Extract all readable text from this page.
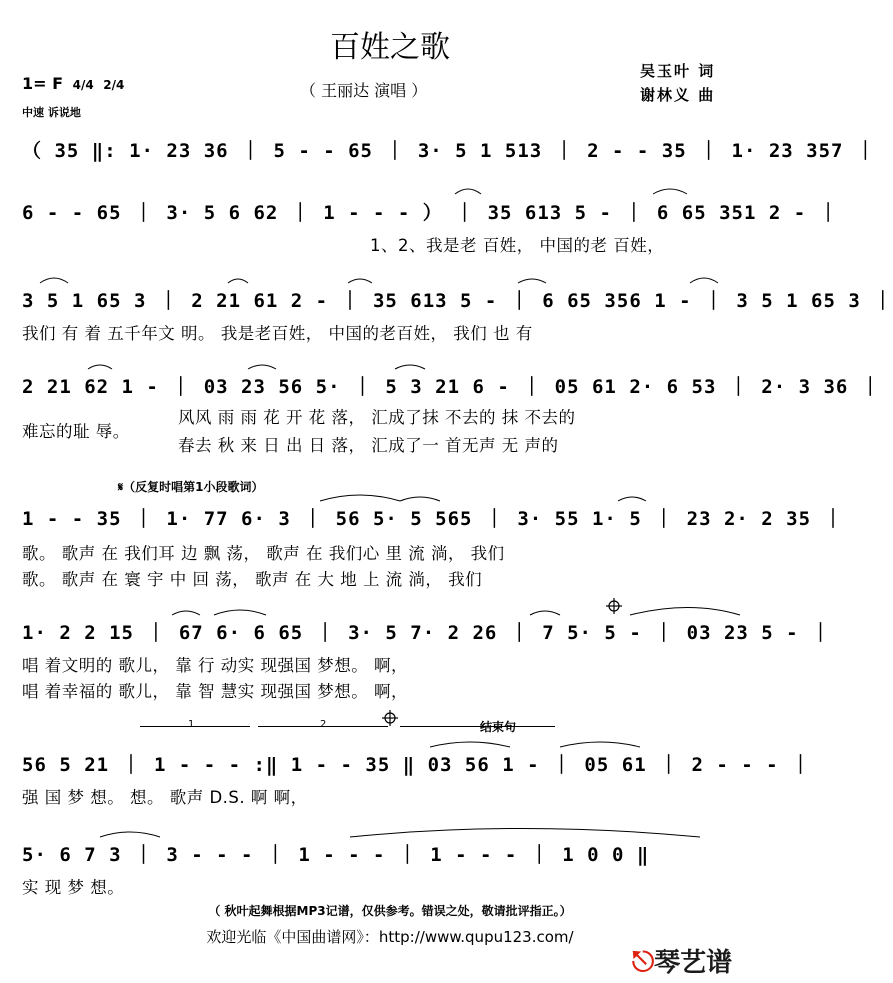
百姓之歌
（ 王丽达 演唱 ）
吴玉叶 词
谢林义 曲
1= F 4/4 2/4
中速 诉说地
（ 35 ‖: 1· 23 36 ｜ 5 - - 65 ｜ 3· 5 1 513 ｜ 2 - - 35 ｜ 1· 23 357 ｜
6 - - 65 ｜ 3· 5 6 62 ｜ 1 - - - ） ｜ 35 613 5 - ｜ 6 65 351 2 - ｜
1、2、我是老 百姓， 中国的老 百姓，
3 5 1 65 3 ｜ 2 21 61 2 - ｜ 35 613 5 - ｜ 6 65 356 1 - ｜ 3 5 1 65 3 ｜
我们 有 着 五千年文 明。 我是老百姓， 中国的老百姓， 我们 也 有
2 21 62 1 - ｜ 03 23 56 5· ｜ 5 3 21 6 - ｜ 05 61 2· 6 53 ｜ 2· 3 36 ｜
难忘的耻 辱。
风风 雨 雨 花 开 花 落， 汇成了抹 不去的 抹 不去的
春去 秋 来 日 出 日 落， 汇成了一 首无声 无 声的
𝄋（反复时唱第1小段歌词）
1 - - 35 ｜ 1· 77 6· 3 ｜ 56 5· 5 565 ｜ 3· 55 1· 5 ｜ 23 2· 2 35 ｜
歌。 歌声 在 我们耳 边 飘 荡， 歌声 在 我们心 里 流 淌， 我们
歌。 歌声 在 寰 宇 中 回 荡， 歌声 在 大 地 上 流 淌， 我们
1· 2 2 15 ｜ 67 6· 6 65 ｜ 3· 5 7· 2 26 ｜ 7 5· 5 - ｜ 03 23 5 - ｜
唱 着文明的 歌儿， 靠 行 动实 现强国 梦想。 啊，
唱 着幸福的 歌儿， 靠 智 慧实 现强国 梦想。 啊，
1	2	结束句
56 5 21 ｜ 1 - - - :‖ 1 - - 35 ‖ 03 56 1 - ｜ 05 61 ｜ 2 - - - ｜
强 国 梦 想。 想。 歌声 D.S. 啊 啊，
5· 6 7 3 ｜ 3 - - - ｜ 1 - - - ｜ 1 - - - ｜ 1 0 0 ‖
实 现 梦 想。
（ 秋叶起舞根据MP3记谱，仅供参考。错误之处，敬请批评指正。）
欢迎光临《中国曲谱网》：http://www.qupu123.com/
⎋琴艺谱
